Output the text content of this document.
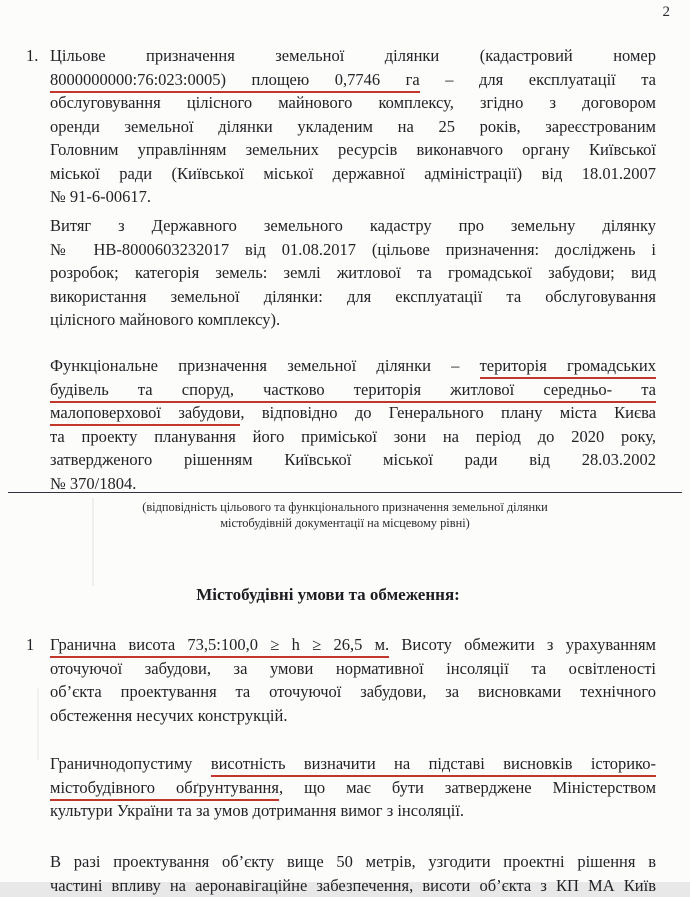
2
1. Цільове призначення земельної ділянки (кадастровий номер
8000000000:76:023:0005) площею 0,7746 га – для експлуатації та
обслуговування цілісного майнового комплексу, згідно з договором
оренди земельної ділянки укладеним на 25 років, зареєстрованим
Головним управлінням земельних ресурсів виконавчого органу Київської
міської ради (Київської міської державної адміністрації) від 18.01.2007
№ 91-6-00617.
Витяг з Державного земельного кадастру про земельну ділянку
№ НВ-8000603232017 від 01.08.2017 (цільове призначення: досліджень і
розробок; категорія земель: землі житлової та громадської забудови; вид
використання земельної ділянки: для експлуатації та обслуговування
цілісного майнового комплексу).
Функціональне призначення земельної ділянки – територія громадських
будівель та споруд, частково територія житлової середньо- та
малоповерхової забудови, відповідно до Генерального плану міста Києва
та проекту планування його приміської зони на період до 2020 року,
затвердженого рішенням Київської міської ради від 28.03.2002
№ 370/1804.
(відповідність цільового та функціонального призначення земельної ділянки
містобудівній документації на місцевому рівні)
Містобудівні умови та обмеження:
1 Гранична висота 73,5:100,0 ≥ h ≥ 26,5 м. Висоту обмежити з урахуванням
оточуючої забудови, за умови нормативної інсоляції та освітленості
об’єкта проектування та оточуючої забудови, за висновками технічного
обстеження несучих конструкцій.
Граничнодопустиму висотність визначити на підставі висновків історико-
містобудівного обґрунтування, що має бути затверджене Міністерством
культури України та за умов дотримання вимог з інсоляції.
В разі проектування об’єкту вище 50 метрів, узгодити проектні рішення в
частині впливу на аеронавігаційне забезпечення, висоти об’єкта з КП МА Київ
